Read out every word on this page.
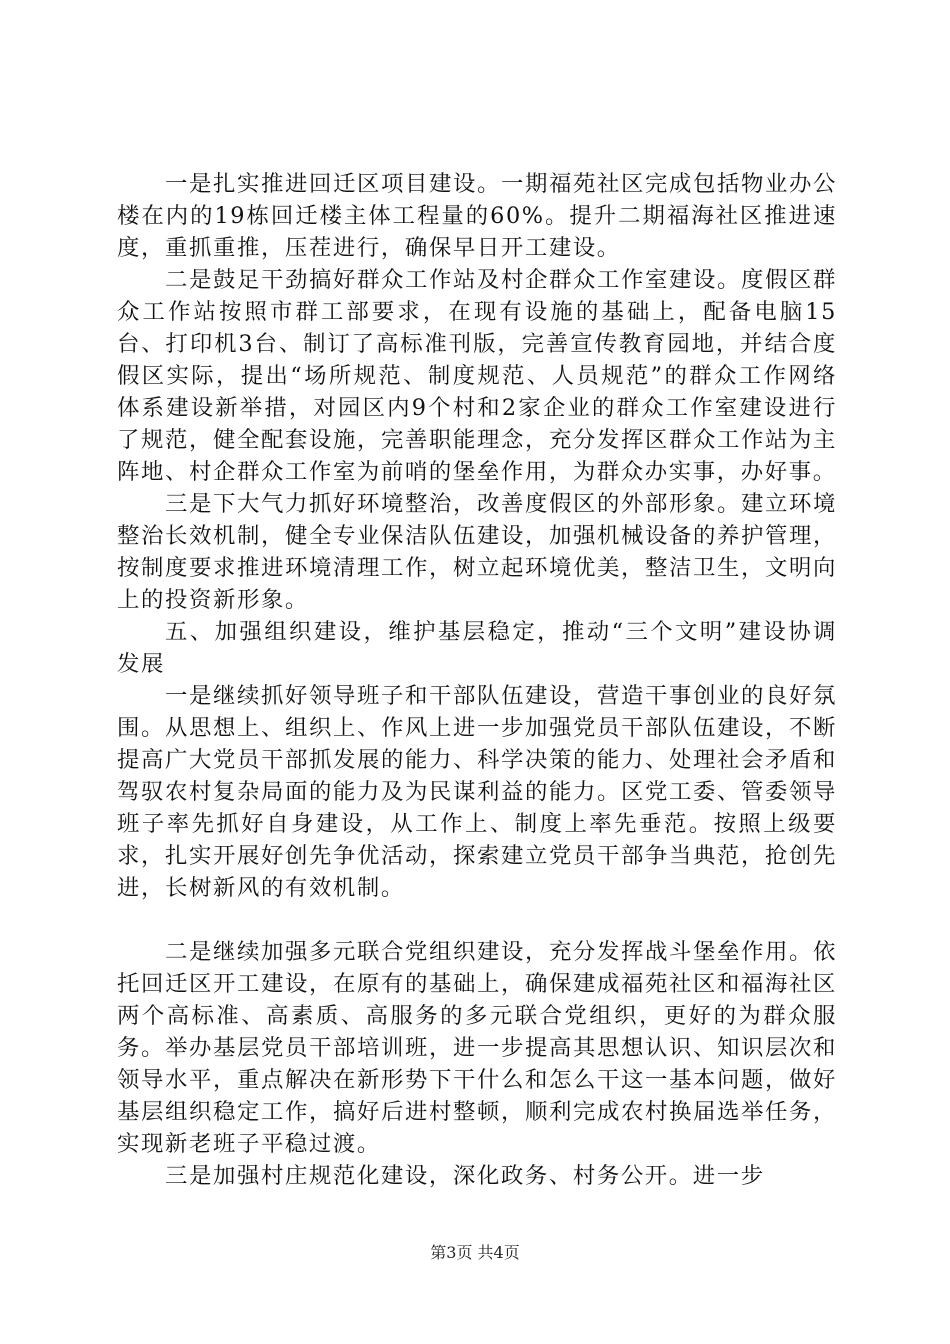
一是扎实推进回迁区项目建设。一期福苑社区完成包括物业办公楼在内的19栋回迁楼主体工程量的60%。提升二期福海社区推进速度，重抓重推，压茬进行，确保早日开工建设。

二是鼓足干劲搞好群众工作站及村企群众工作室建设。度假区群众工作站按照市群工部要求，在现有设施的基础上，配备电脑15台、打印机3台、制订了高标准刊版，完善宣传教育园地，并结合度假区实际，提出“场所规范、制度规范、人员规范”的群众工作网络体系建设新举措，对园区内9个村和2家企业的群众工作室建设进行了规范，健全配套设施，完善职能理念，充分发挥区群众工作站为主阵地、村企群众工作室为前哨的堡垒作用，为群众办实事，办好事。

三是下大气力抓好环境整治，改善度假区的外部形象。建立环境整治长效机制，健全专业保洁队伍建设，加强机械设备的养护管理，按制度要求推进环境清理工作，树立起环境优美，整洁卫生，文明向上的投资新形象。

五、加强组织建设，维护基层稳定，推动“三个文明”建设协调发展

一是继续抓好领导班子和干部队伍建设，营造干事创业的良好氛围。从思想上、组织上、作风上进一步加强党员干部队伍建设，不断提高广大党员干部抓发展的能力、科学决策的能力、处理社会矛盾和驾驭农村复杂局面的能力及为民谋利益的能力。区党工委、管委领导班子率先抓好自身建设，从工作上、制度上率先垂范。按照上级要求，扎实开展好创先争优活动，探索建立党员干部争当典范，抢创先进，长树新风的有效机制。

二是继续加强多元联合党组织建设，充分发挥战斗堡垒作用。依托回迁区开工建设，在原有的基础上，确保建成福苑社区和福海社区两个高标准、高素质、高服务的多元联合党组织，更好的为群众服务。举办基层党员干部培训班，进一步提高其思想认识、知识层次和领导水平，重点解决在新形势下干什么和怎么干这一基本问题，做好基层组织稳定工作，搞好后进村整顿，顺利完成农村换届选举任务，实现新老班子平稳过渡。

三是加强村庄规范化建设，深化政务、村务公开。进一步

第3页 共4页
